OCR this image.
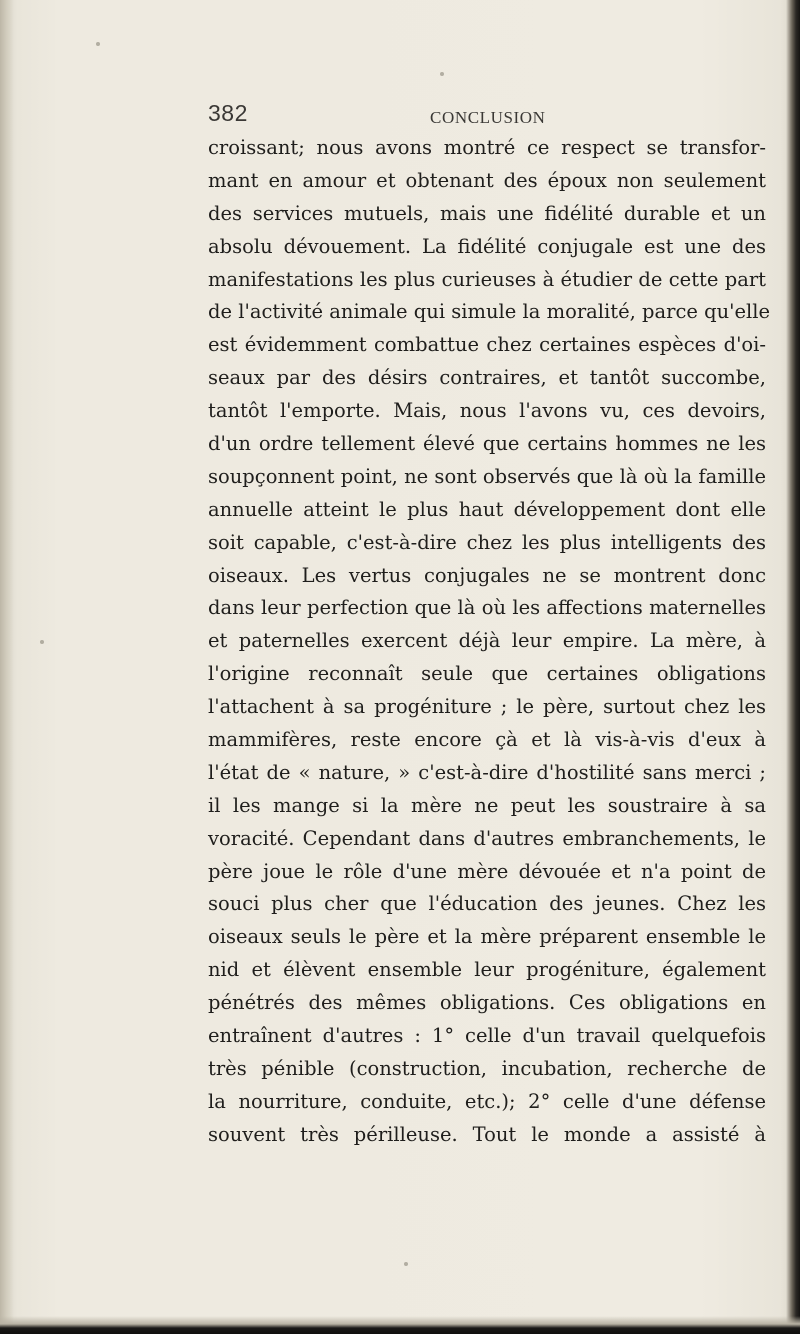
382	CONCLUSION
croissant; nous avons montré ce respect se transfor-
mant en amour et obtenant des époux non seulement
des services mutuels, mais une fidélité durable et un
absolu dévouement. La fidélité conjugale est une des
manifestations les plus curieuses à étudier de cette part
de l'activité animale qui simule la moralité, parce qu'elle
est évidemment combattue chez certaines espèces d'oi-
seaux par des désirs contraires, et tantôt succombe,
tantôt l'emporte. Mais, nous l'avons vu, ces devoirs,
d'un ordre tellement élevé que certains hommes ne les
soupçonnent point, ne sont observés que là où la famille
annuelle atteint le plus haut développement dont elle
soit capable, c'est-à-dire chez les plus intelligents des
oiseaux. Les vertus conjugales ne se montrent donc
dans leur perfection que là où les affections maternelles
et paternelles exercent déjà leur empire. La mère, à
l'origine reconnaît seule que certaines obligations
l'attachent à sa progéniture ; le père, surtout chez les
mammifères, reste encore çà et là vis-à-vis d'eux à
l'état de « nature, » c'est-à-dire d'hostilité sans merci ;
il les mange si la mère ne peut les soustraire à sa
voracité. Cependant dans d'autres embranchements, le
père joue le rôle d'une mère dévouée et n'a point de
souci plus cher que l'éducation des jeunes. Chez les
oiseaux seuls le père et la mère préparent ensemble le
nid et élèvent ensemble leur progéniture, également
pénétrés des mêmes obligations. Ces obligations en
entraînent d'autres : 1° celle d'un travail quelquefois
très pénible (construction, incubation, recherche de
la nourriture, conduite, etc.); 2° celle d'une défense
souvent très périlleuse. Tout le monde a assisté à
